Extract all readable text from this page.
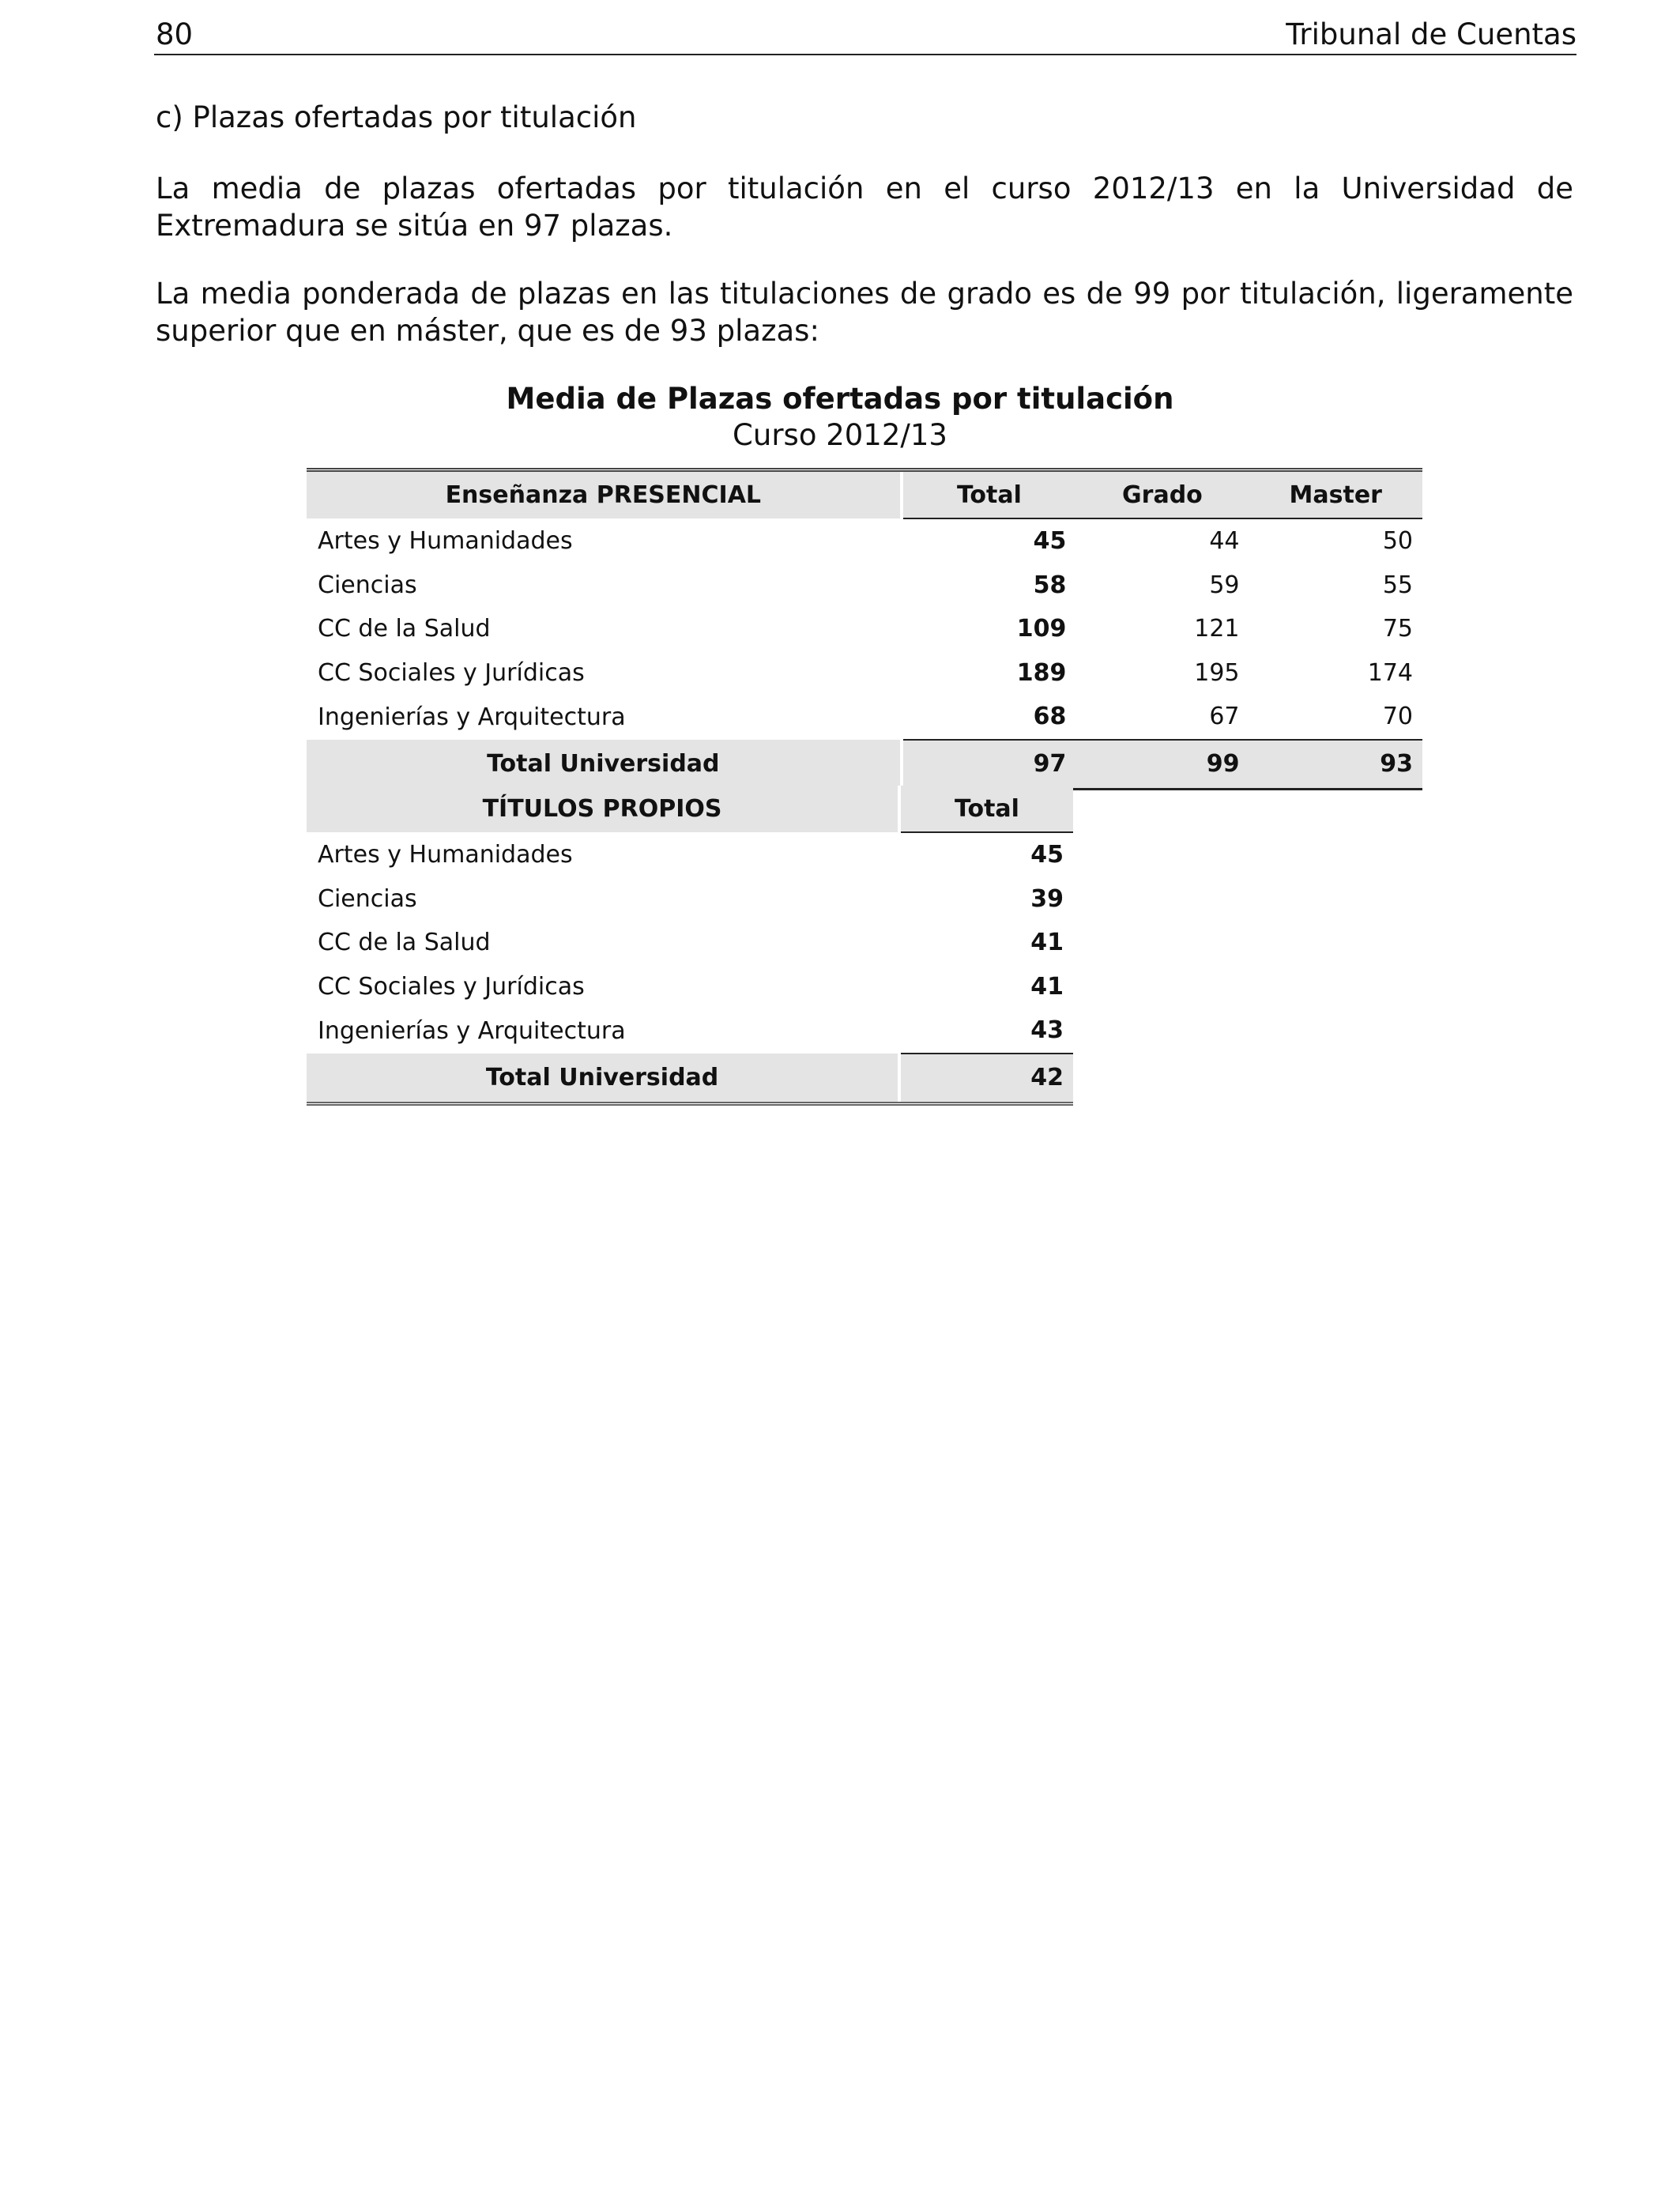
80	Tribunal de Cuentas
c) Plazas ofertadas por titulación

La media de plazas ofertadas por titulación en el curso 2012/13 en la Universidad de Extremadura se sitúa en 97 plazas.

La media ponderada de plazas en las titulaciones de grado es de 99 por titulación, ligeramente superior que en máster, que es de 93 plazas:

Media de Plazas ofertadas por titulación
Curso 2012/13
Enseñanza PRESENCIAL		Total	Grado	Master
Artes y Humanidades		45	44	50
Ciencias		58	59	55
CC de la Salud		109	121	75
CC Sociales y Jurídicas		189	195	174
Ingenierías y Arquitectura		68	67	70
Total Universidad		97	99	93
TÍTULOS PROPIOS		Total
Artes y Humanidades		45
Ciencias		39
CC de la Salud		41
CC Sociales y Jurídicas		41
Ingenierías y Arquitectura		43
Total Universidad		42
